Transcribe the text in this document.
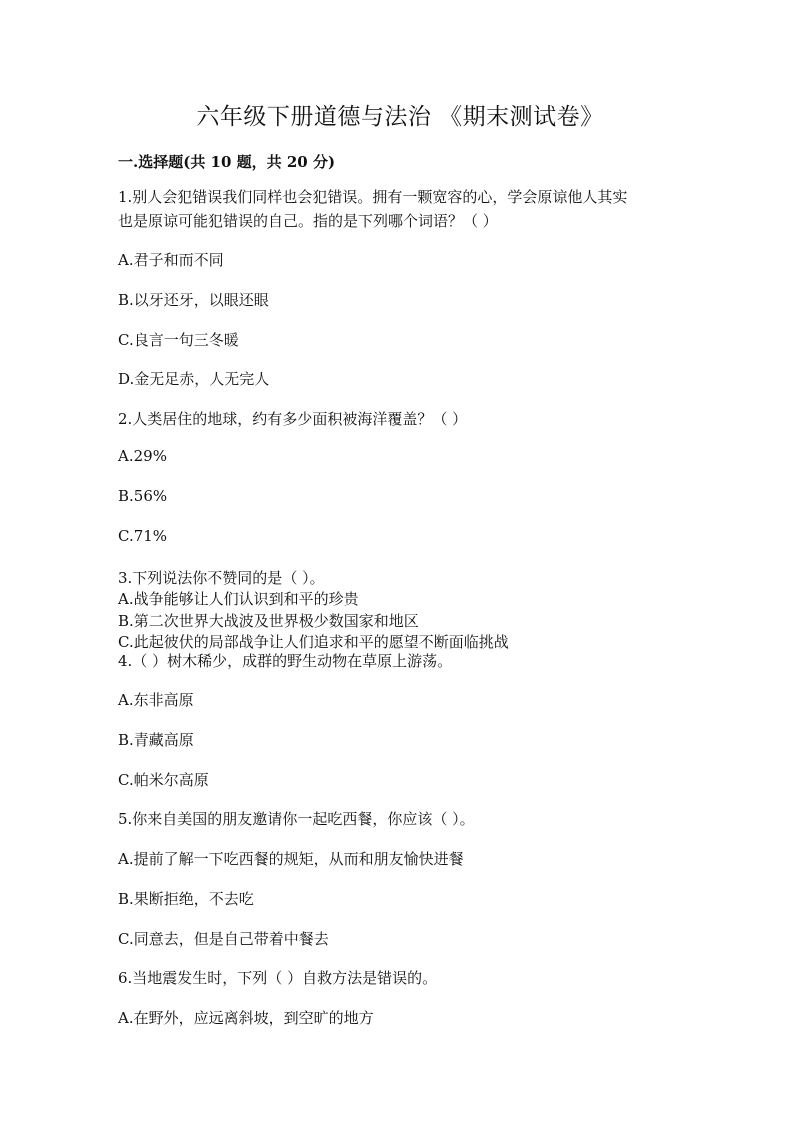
六年级下册道德与法治 《期末测试卷》
一.选择题(共 10 题，共 20 分)
1.别人会犯错误我们同样也会犯错误。拥有一颗宽容的心，学会原谅他人其实
也是原谅可能犯错误的自己。指的是下列哪个词语？（ ）
A.君子和而不同
B.以牙还牙，以眼还眼
C.良言一句三冬暖
D.金无足赤，人无完人
2.人类居住的地球，约有多少面积被海洋覆盖？（ ）
A.29%
B.56%
C.71%
3.下列说法你不赞同的是（ ）。
A.战争能够让人们认识到和平的珍贵
B.第二次世界大战波及世界极少数国家和地区
C.此起彼伏的局部战争让人们追求和平的愿望不断面临挑战
4.（ ）树木稀少，成群的野生动物在草原上游荡。
A.东非高原
B.青藏高原
C.帕米尔高原
5.你来自美国的朋友邀请你一起吃西餐，你应该（ ）。
A.提前了解一下吃西餐的规矩，从而和朋友愉快进餐
B.果断拒绝，不去吃
C.同意去，但是自己带着中餐去
6.当地震发生时，下列（ ）自救方法是错误的。
A.在野外，应远离斜坡，到空旷的地方
